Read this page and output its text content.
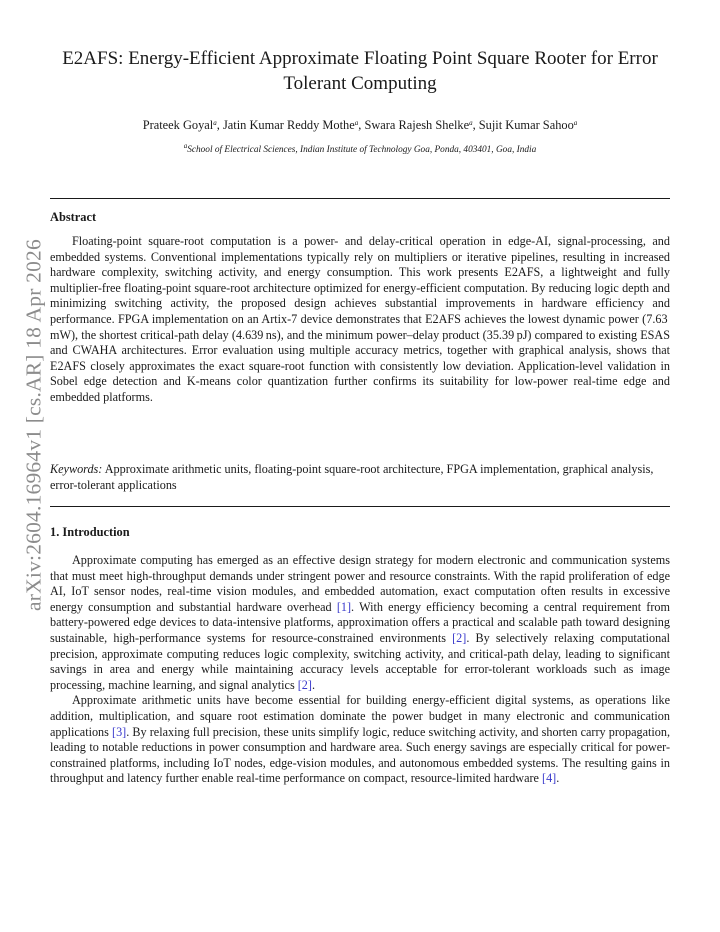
arXiv:2604.16964v1 [cs.AR] 18 Apr 2026
E2AFS: Energy-Efficient Approximate Floating Point Square Rooter for Error Tolerant Computing
Prateek Goyal$^a$, Jatin Kumar Reddy Mothe$^a$, Swara Rajesh Shelke$^a$, Sujit Kumar Sahoo$^a$
$^a$School of Electrical Sciences, Indian Institute of Technology Goa, Ponda, 403401, Goa, India
Abstract

Floating-point square-root computation is a power- and delay-critical operation in edge-AI, signal-processing, and embedded systems. Conventional implementations typically rely on multipliers or iterative pipelines, resulting in increased hardware complexity, switching activity, and energy consumption. This work presents E2AFS, a lightweight and fully multiplier-free floating-point square-root architecture optimized for energy-efficient computation. By reducing logic depth and minimizing switching activity, the proposed design achieves substantial improvements in hardware efficiency and performance. FPGA implementation on an Artix-7 device demonstrates that E2AFS achieves the lowest dynamic power (7.63 mW), the shortest critical-path delay (4.639 ns), and the minimum power–delay product (35.39 pJ) compared to existing ESAS and CWAHA architectures. Error evaluation using multiple accuracy metrics, together with graphical analysis, shows that E2AFS closely approximates the exact square-root function with consistently low deviation. Application-level validation in Sobel edge detection and K-means color quantization further confirms its suitability for low-power real-time edge and embedded platforms.

Keywords: Approximate arithmetic units, floating-point square-root architecture, FPGA implementation, graphical analysis, error-tolerant applications
1. Introduction

Approximate computing has emerged as an effective design strategy for modern electronic and communication systems that must meet high-throughput demands under stringent power and resource constraints. With the rapid proliferation of edge AI, IoT sensor nodes, real-time vision modules, and embedded automation, exact computation often results in excessive energy consumption and substantial hardware overhead [1]. With energy efficiency becoming a central requirement from battery-powered edge devices to data-intensive platforms, approximation offers a practical and scalable path toward designing sustainable, high-performance systems for resource-constrained environments [2]. By selectively relaxing computational precision, approximate computing reduces logic complexity, switching activity, and critical-path delay, leading to significant savings in area and energy while maintaining accuracy levels acceptable for error-tolerant workloads such as image processing, machine learning, and signal analytics [2].

Approximate arithmetic units have become essential for building energy-efficient digital systems, as operations like addition, multiplication, and square root estimation dominate the power budget in many electronic and communication applications [3]. By relaxing full precision, these units simplify logic, reduce switching activity, and shorten carry propagation, leading to notable reductions in power consumption and hardware area. Such energy savings are especially critical for power-constrained platforms, including IoT nodes, edge-vision modules, and autonomous embedded systems. The resulting gains in throughput and latency further enable real-time performance on compact, resource-limited hardware [4].
